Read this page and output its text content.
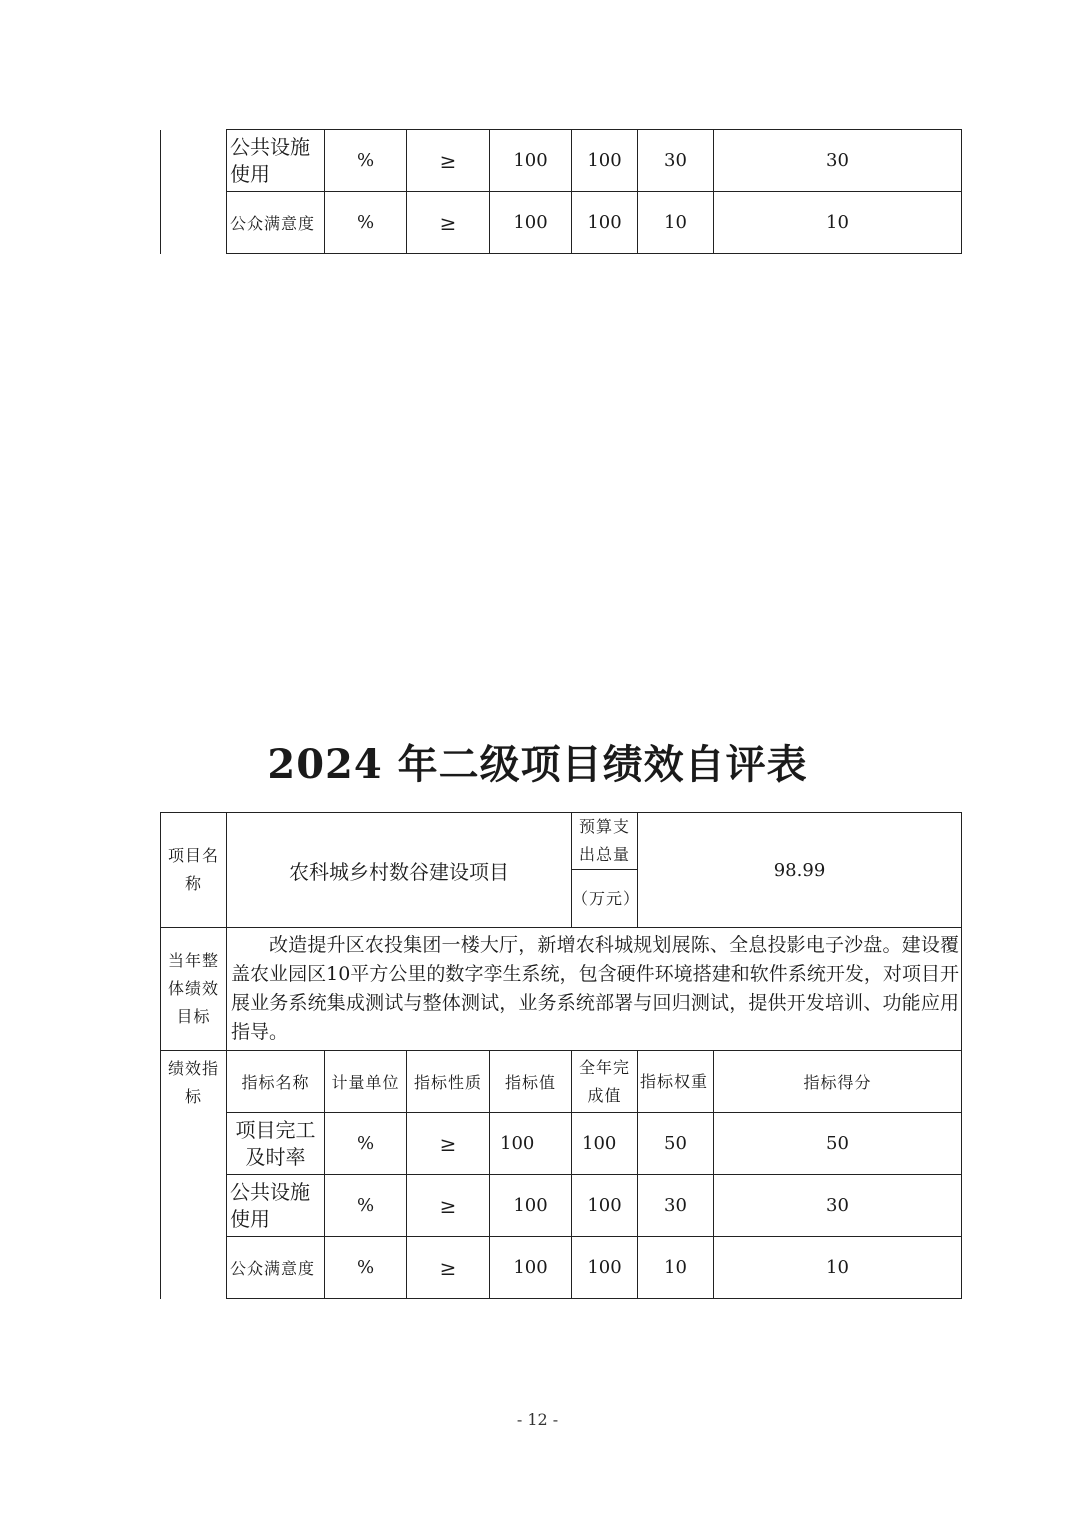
	公共设施使用	%	≥	100	100	30	30
	公众满意度	%	≥	100	100	10	10
2024 年二级项目绩效自评表
项目名称	农科城乡村数谷建设项目				预算支出总量	98.99	
					（万元）		
当年整体绩效目标	改造提升区农投集团一楼大厅，新增农科城规划展陈、全息投影电子沙盘。建设覆盖农业园区10平方公里的数字孪生系统，包含硬件环境搭建和软件系统开发，对项目开展业务系统集成测试与整体测试，业务系统部署与回归测试，提供开发培训、功能应用指导。						

绩效指标	指标名称	计量单位	指标性质	指标值	全年完成值	指标权重	指标得分
	项目完工及时率	%	≥	100	100	50	50
	公共设施使用	%	≥	100	100	30	30
	公众满意度	%	≥	100	100	10	10
- 12 -
